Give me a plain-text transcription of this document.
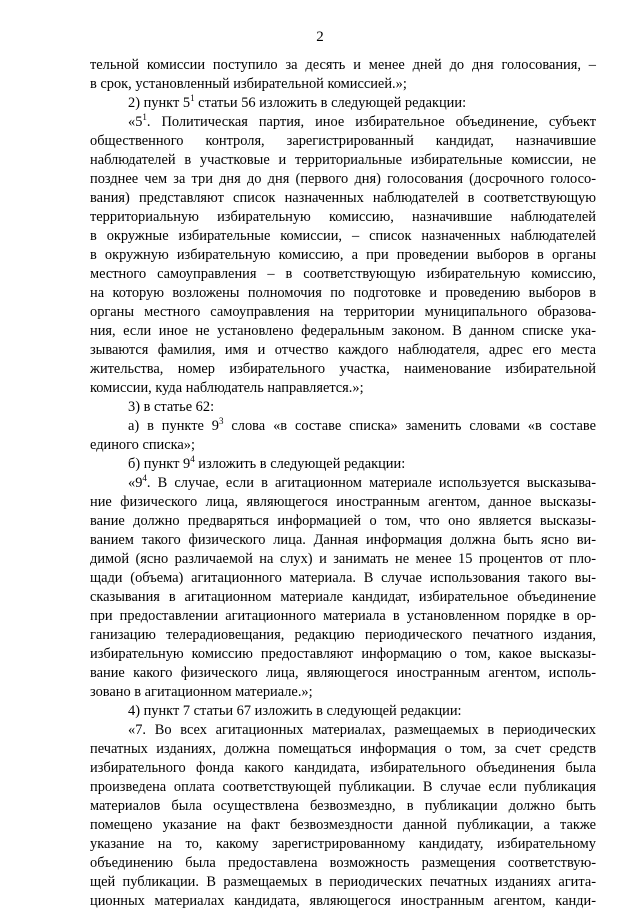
2
тельной комиссии поступило за десять и менее дней до дня голосования, –
в срок, установленный избирательной комиссией.»;
2) пункт $5^1$ статьи 56 изложить в следующей редакции:
«$5^1$. Политическая партия, иное избирательное объединение, субъект
общественного контроля, зарегистрированный кандидат, назначившие
наблюдателей в участковые и территориальные избирательные комиссии, не
позднее чем за три дня до дня (первого дня) голосования (досрочного голосо-
вания) представляют список назначенных наблюдателей в соответствующую
территориальную избирательную комиссию, назначившие наблюдателей
в окружные избирательные комиссии, – список назначенных наблюдателей
в окружную избирательную комиссию, а при проведении выборов в органы
местного самоуправления – в соответствующую избирательную комиссию,
на которую возложены полномочия по подготовке и проведению выборов в
органы местного самоуправления на территории муниципального образова-
ния, если иное не установлено федеральным законом. В данном списке ука-
зываются фамилия, имя и отчество каждого наблюдателя, адрес его места
жительства, номер избирательного участка, наименование избирательной
комиссии, куда наблюдатель направляется.»;
3) в статье 62:
а) в пункте $9^3$ слова «в составе списка» заменить словами «в составе
единого списка»;
б) пункт $9^4$ изложить в следующей редакции:
«$9^4$. В случае, если в агитационном материале используется высказыва-
ние физического лица, являющегося иностранным агентом, данное высказы-
вание должно предваряться информацией о том, что оно является высказы-
ванием такого физического лица. Данная информация должна быть ясно ви-
димой (ясно различаемой на слух) и занимать не менее 15 процентов от пло-
щади (объема) агитационного материала. В случае использования такого вы-
сказывания в агитационном материале кандидат, избирательное объединение
при предоставлении агитационного материала в установленном порядке в ор-
ганизацию телерадиовещания, редакцию периодического печатного издания,
избирательную комиссию предоставляют информацию о том, какое высказы-
вание какого физического лица, являющегося иностранным агентом, исполь-
зовано в агитационном материале.»;
4) пункт 7 статьи 67 изложить в следующей редакции:
«7. Во всех агитационных материалах, размещаемых в периодических
печатных изданиях, должна помещаться информация о том, за счет средств
избирательного фонда какого кандидата, избирательного объединения была
произведена оплата соответствующей публикации. В случае если публикация
материалов была осуществлена безвозмездно, в публикации должно быть
помещено указание на факт безвозмездности данной публикации, а также
указание на то, какому зарегистрированному кандидату, избирательному
объединению была предоставлена возможность размещения соответствую-
щей публикации. В размещаемых в периодических печатных изданиях агита-
ционных материалах кандидата, являющегося иностранным агентом, канди-
